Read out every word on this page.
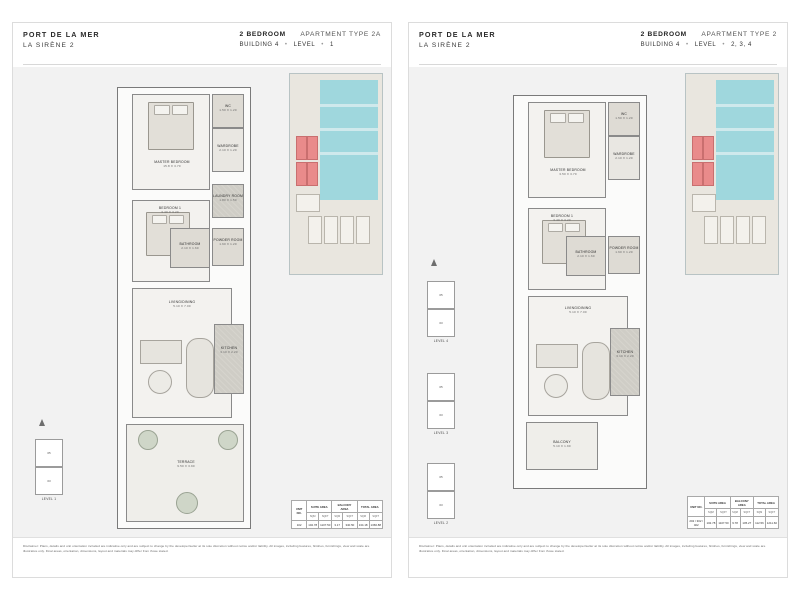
PORT DE LA MER
LA SIRÈNE 2
2 BEDROOM APARTMENT TYPE 2A
BUILDING 4 • LEVEL • 1
MASTER BEDROOM
15.8 X 3.70
WC
1.50 X 1.20
WARDROBE
2.10 X 1.20
LAUNDRY ROOM
1.80 X 1.50
BEDROOM 1
3.40 X 3.20
BATHROOM
2.10 X 1.60
POWDER ROOM
1.60 X 1.20
LIVING/DINING
5.10 X 7.00
KITCHEN
3.10 X 2.20
TERRACE
9.50 X 3.90
05
03
LEVEL 1
UNIT NO.	SUITE AREA		BALCONY AREA		TOTAL AREA	
	SQM	SQFT	SQM	SQFT	SQM	SQFT
102	102.78	1107.50	3.17	340.50	134.18	1366.88

Disclaimer: Plans, details and unit orientation included are indicative only and are subject to change by the developer/seller at its sole discretion without notice and/or liability. All images, including features, finishes, furnishings, view and scale are illustrative only. Final areas, orientation, dimensions, layout and materials may differ from those stated.

PORT DE LA MER
LA SIRÈNE 2
2 BEDROOM APARTMENT TYPE 2
BUILDING 4 • LEVEL • 2, 3, 4
MASTER BEDROOM
3.50 X 3.70
WC
1.50 X 1.20
WARDROBE
2.10 X 1.20
BEDROOM 1
3.40 X 3.20
BATHROOM
2.10 X 1.60
POWDER ROOM
1.60 X 1.20
LIVING/DINING
5.10 X 7.00
KITCHEN
3.10 X 2.20
BALCONY
5.10 X 1.90
05
03
LEVEL 4
05
03
LEVEL 3
05
03
LEVEL 2
UNIT NO.	SUITE AREA		BALCONY AREA		TOTAL AREA	
	SQM	SQFT	SQM	SQFT	SQM	SQFT
202 / 302 / 402	102.78	1107.50	9.78	105.27	112.56	1211.60

Disclaimer: Plans, details and unit orientation included are indicative only and are subject to change by the developer/seller at its sole discretion without notice and/or liability. All images, including features, finishes, furnishings, view and scale are illustrative only. Final areas, orientation, dimensions, layout and materials may differ from those stated.
